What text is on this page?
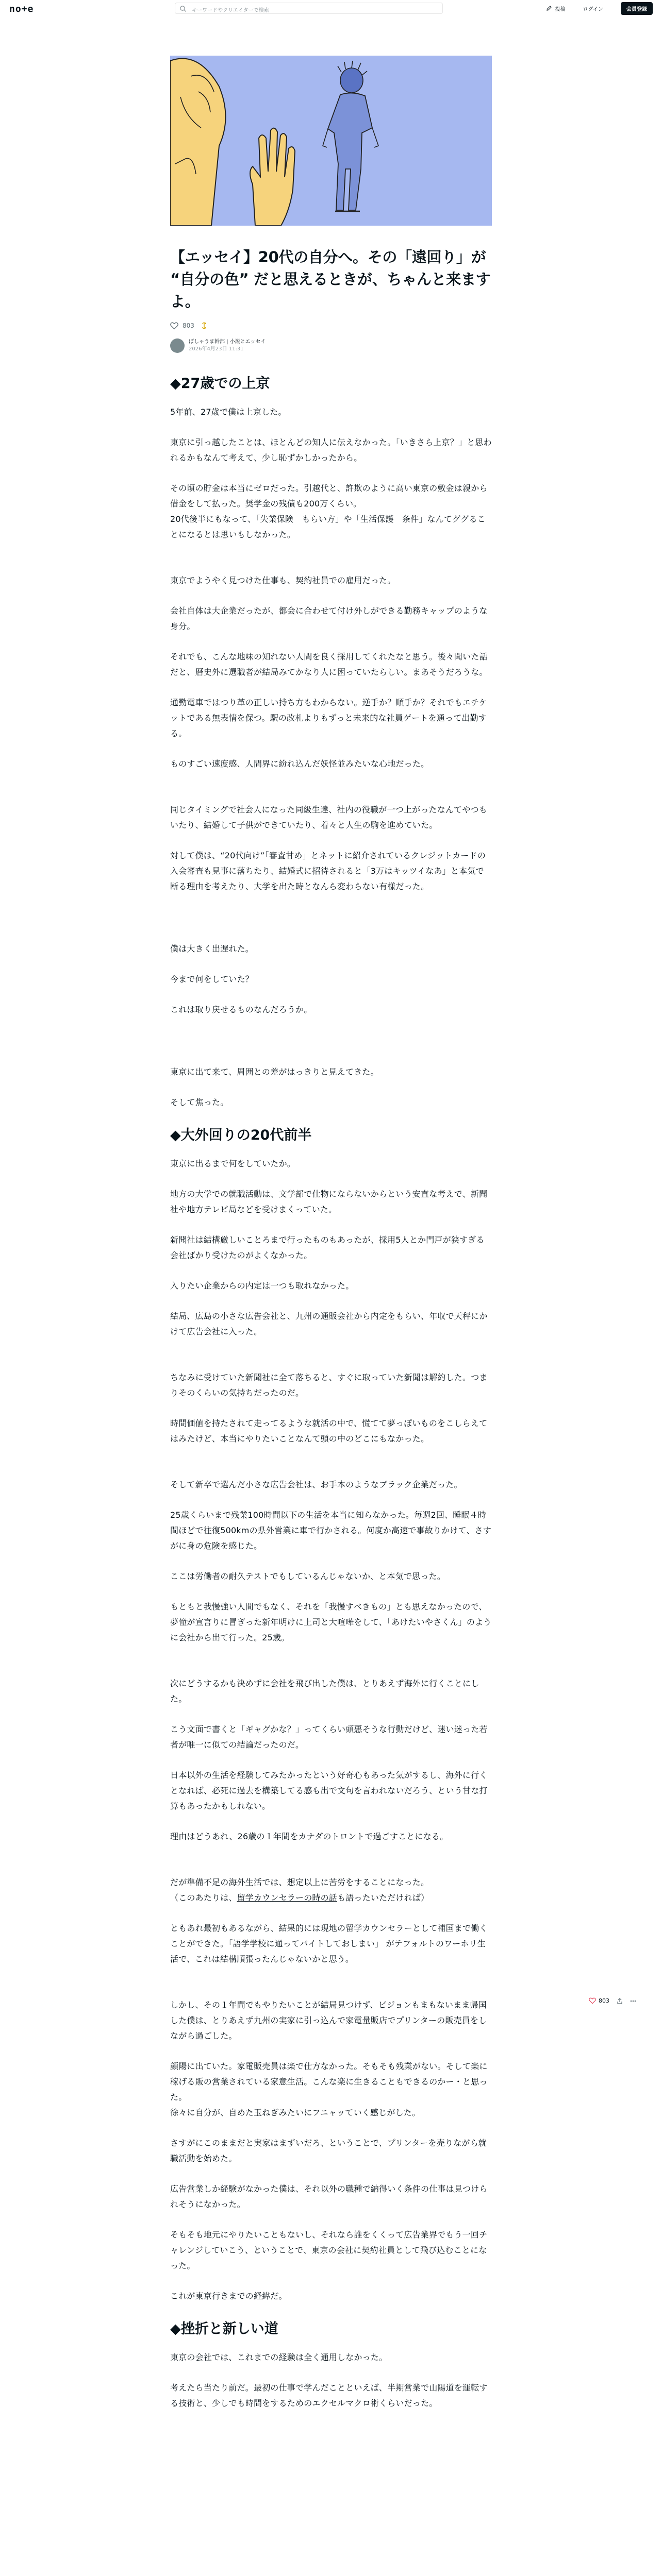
no+e	キーワードやクリエイターで検索	投稿	ログイン	会員登録
【エッセイ】20代の自分へ。その「遠回り」が “自分の色” だと思えるときが、ちゃんと来ますよ。
803
ぽしゃうま幹部 | 小説とエッセイ
2026年4月23日 11:31
◆27歳での上京

5年前、27歳で僕は上京した。

東京に引っ越したことは、ほとんどの知人に伝えなかった。「いきさら上京？」と思われるかもなんて考えて、少し恥ずかしかったから。

その頃の貯金は本当にゼロだった。引越代と、許欺のように高い東京の敷金は親から借金をして払った。奨学金の残債も200万くらい。

20代後半にもなって、「失業保険　もらい方」や「生活保護　条件」なんてググることになるとは思いもしなかった。

東京でようやく見つけた仕事も、契約社員での雇用だった。

会社自体は大企業だったが、都会に合わせて付け外しができる勤務キャップのような身分。

それでも、こんな地味の知れない人間を良く採用してくれたなと思う。後々聞いた話だと、暦史外に選職者が結局みてかなり人に困っていたらしい。まあそうだろうな。

通勤電車ではつり革の正しい持ち方もわからない。逆手か？順手か？それでもエチケットである無表情を保つ。駅の改札よりもずっと未来的な社員ゲートを通って出勤する。

ものすごい速度感、人間界に紛れ込んだ妖怪並みたいな心地だった。

同じタイミングで社会人になった同級生達、社内の役職が一つ上がったなんてやつもいたり、結婚して子供ができていたり、着々と人生の駒を進めていた。

対して僕は、“20代向け”「審査甘め」とネットに紹介されているクレジットカードの入会審査も見事に落ちたり、結婚式に招待されると「3万はキッツイなあ」と本気で断る理由を考えたり、大学を出た時となんら変わらない有様だった。

僕は大きく出遅れた。

今まで何をしていた？

これは取り戻せるものなんだろうか。

東京に出て来て、周囲との差がはっきりと見えてきた。

そして焦った。

◆大外回りの20代前半

東京に出るまで何をしていたか。

地方の大学での就職活動は、文学部で仕物にならないからという安直な考えで、新聞社や地方テレビ局などを受けまくっていた。

新聞社は結構厳しいことろまで行ったものもあったが、採用5人とか門戸が狭すぎる会社ばかり受けたのがよくなかった。

入りたい企業からの内定は一つも取れなかった。

結局、広島の小さな広告会社と、九州の通販会社から内定をもらい、年収で天秤にかけて広告会社に入った。

ちなみに受けていた新聞社に全て落ちると、すぐに取っていた新聞は解約した。つまりそのくらいの気持ちだったのだ。

時間価値を持たされて走ってるような就活の中で、慌てて夢っぽいものをこしらえてはみたけど、本当にやりたいことなんて頭の中のどこにもなかった。

そして新卒で選んだ小さな広告会社は、お手本のようなブラック企業だった。

25歳くらいまで残業100時間以下の生活を本当に知らなかった。毎週2回、睡眠４時間ほどで往復500kmの県外営業に車で行かされる。何度か高速で事故りかけて、さすがに身の危険を感じた。

ここは労働者の耐久テストでもしているんじゃないか、と本気で思った。

もともと我慢強い人間でもなく、それを「我慢すべきもの」とも思えなかったので、夢憧が宣言りに冒ぎった新年明けに上司と大喧嘩をして、「あけたいやさくん」のように会社から出て行った。25歳。

次にどうするかも決めずに会社を飛び出した僕は、とりあえず海外に行くことにした。

こう文面で書くと「ギャグかな？」ってくらい頭悪そうな行動だけど、迷い迷った若者が唯一に似ての結論だったのだ。

日本以外の生活を経験してみたかったという好奇心もあった気がするし、海外に行くとなれば、必死に過去を構築してる感も出で文句を言われないだろう、という甘な打算もあったかもしれない。

理由はどうあれ、26歳の１年間をカナダのトロントで過ごすことになる。

だが準備不足の海外生活では、想定以上に苦労をすることになった。

（このあたりは、留学カウンセラーの時の話も語ったいただければ）

ともあれ最初もあるながら、結果的には現地の留学カウンセラーとして補国まで働くことができた。「語学学校に通ってバイトしておしまい」 がテフォルトのワーホリ生活で、これは結構順張ったんじゃないかと思う。

しかし、その１年間でもやりたいことが結局見つけず、ビジョンもまもないまま帰国した僕は、とりあえず九州の実家に引っ込んで家電量販店でプリンターの販売員をしながら過ごした。

顔陽に出ていた。家電販売員は楽で仕方なかった。そもそも残業がない。そして楽に稼げる販の営業されている家意生活。こんな楽に生きることもできるのかー・と思った。

徐々に自分が、自めた玉ねぎみたいにフニャッていく感じがした。

さすがにこのままだと実家はまずいだろ、ということで、プリンターを売りながら就職活動を始めた。

広告営業しか経験がなかった僕は、それ以外の職種で納得いく条件の仕事は見つけられそうになかった。

そもそも地元にやりたいこともないし、それなら誰をくくって広告業界でもう一回チャレンジしていこう、ということで、東京の会社に契約社員として飛び込むことになった。

これが東京行きまでの経緯だ。

◆挫折と新しい道

東京の会社では、これまでの経験は全く通用しなかった。

考えたら当たり前だ。最初の仕事で学んだことといえば、半期営業で山陽道を運転する技術と、少しでも時間をするためのエクセルマクロ術くらいだった。

803
